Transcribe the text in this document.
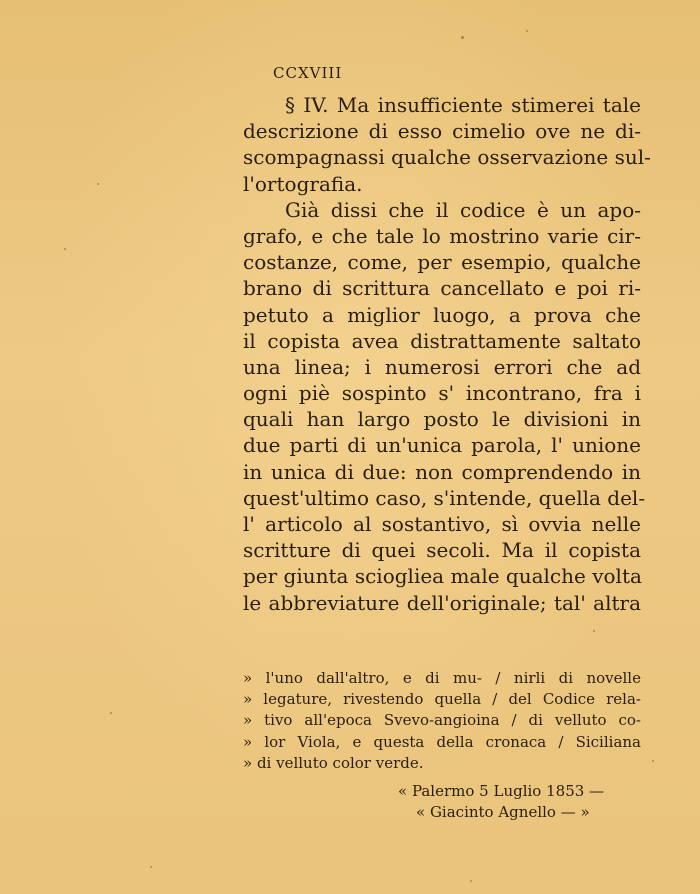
CCXVIII
§ IV. Ma insufficiente stimerei tale
descrizione di esso cimelio ove ne di-
scompagnassi qualche osservazione sul-
l'ortografia.
Già dissi che il codice è un apo-
grafo, e che tale lo mostrino varie cir-
costanze, come, per esempio, qualche
brano di scrittura cancellato e poi ri-
petuto a miglior luogo, a prova che
il copista avea distrattamente saltato
una linea; i numerosi errori che ad
ogni piè sospinto s' incontrano, fra i
quali han largo posto le divisioni in
due parti di un'unica parola, l' unione
in unica di due: non comprendendo in
quest'ultimo caso, s'intende, quella del-
l' articolo al sostantivo, sì ovvia nelle
scritture di quei secoli. Ma il copista
per giunta scioglieа male qualche volta
le abbreviature dell'originale; tal' altra
» l'uno dall'altro, e di mu- / nirli di novelle
» legature, rivestendo quella / del Codice rela-
» tivo all'epoca Svevo-angioina / di velluto co-
» lor Viola, e questa della cronaca / Siciliana
» di velluto color verde.
« Palermo 5 Luglio 1853 —
« Giacinto Agnello — »
